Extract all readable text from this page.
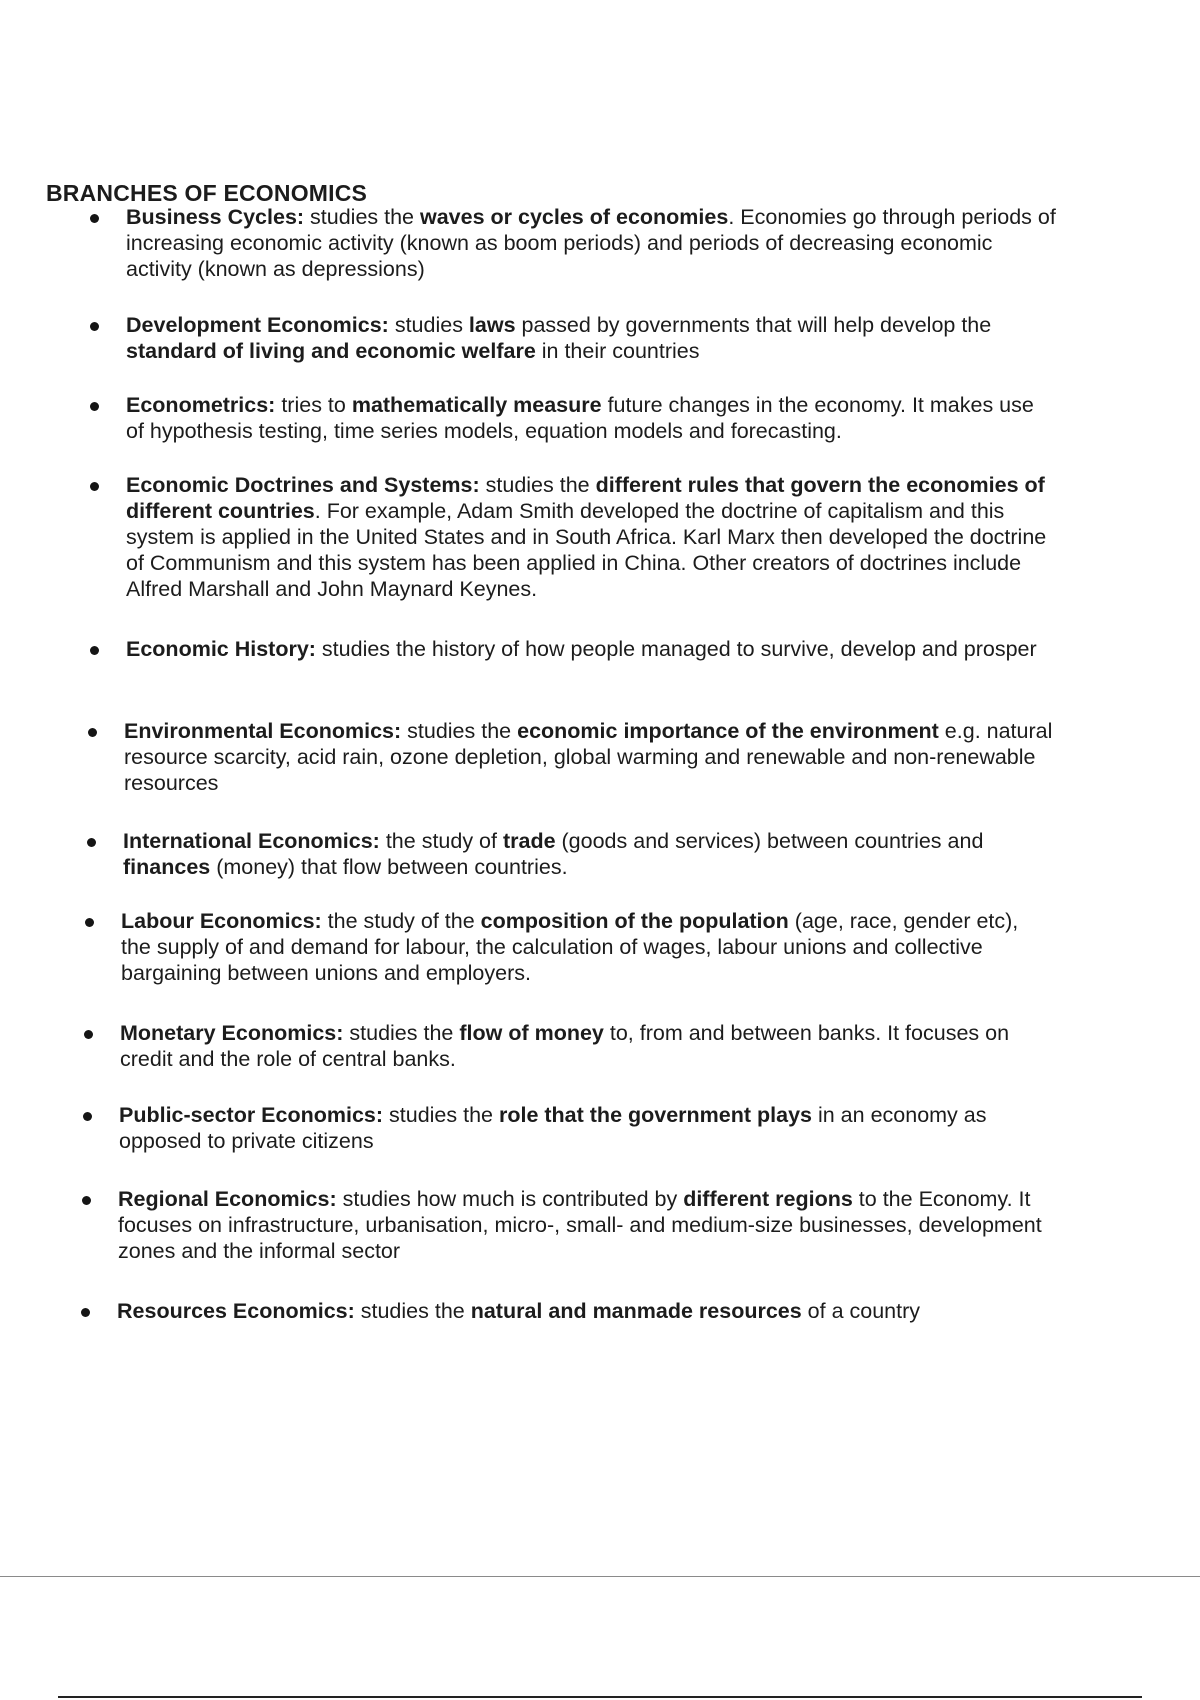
BRANCHES OF ECONOMICS
Business Cycles: studies the waves or cycles of economies. Economies go through periods of increasing economic activity (known as boom periods) and periods of decreasing economic activity (known as depressions)
Development Economics: studies laws passed by governments that will help develop the standard of living and economic welfare in their countries
Econometrics: tries to mathematically measure future changes in the economy. It makes use of hypothesis testing, time series models, equation models and forecasting.
Economic Doctrines and Systems: studies the different rules that govern the economies of different countries. For example, Adam Smith developed the doctrine of capitalism and this system is applied in the United States and in South Africa. Karl Marx then developed the doctrine of Communism and this system has been applied in China. Other creators of doctrines include Alfred Marshall and John Maynard Keynes.
Economic History: studies the history of how people managed to survive, develop and prosper
Environmental Economics: studies the economic importance of the environment e.g. natural resource scarcity, acid rain, ozone depletion, global warming and renewable and non-renewable resources
International Economics: the study of trade (goods and services) between countries and finances (money) that flow between countries.
Labour Economics: the study of the composition of the population (age, race, gender etc), the supply of and demand for labour, the calculation of wages, labour unions and collective bargaining between unions and employers.
Monetary Economics: studies the flow of money to, from and between banks. It focuses on credit and the role of central banks.
Public-sector Economics: studies the role that the government plays in an economy as opposed to private citizens
Regional Economics: studies how much is contributed by different regions to the Economy. It focuses on infrastructure, urbanisation, micro-, small- and medium-size businesses, development zones and the informal sector
Resources Economics: studies the natural and manmade resources of a country
